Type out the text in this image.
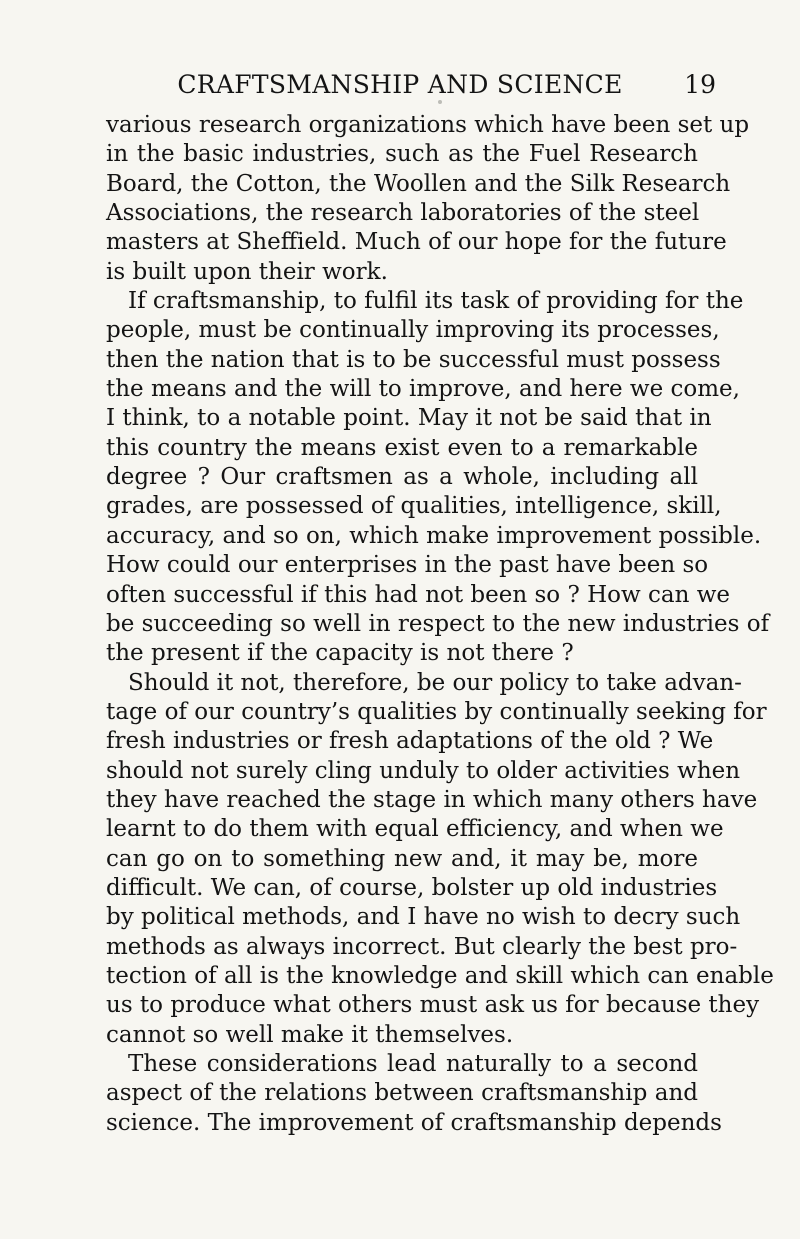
CRAFTSMANSHIP AND SCIENCE	19
various research organizations which have been set up
in the basic industries, such as the Fuel Research
Board, the Cotton, the Woollen and the Silk Research
Associations, the research laboratories of the steel
masters at Sheffield. Much of our hope for the future
is built upon their work.
If craftsmanship, to fulfil its task of providing for the
people, must be continually improving its processes,
then the nation that is to be successful must possess
the means and the will to improve, and here we come,
I think, to a notable point. May it not be said that in
this country the means exist even to a remarkable
degree ? Our craftsmen as a whole, including all
grades, are possessed of qualities, intelligence, skill,
accuracy, and so on, which make improvement possible.
How could our enterprises in the past have been so
often successful if this had not been so ? How can we
be succeeding so well in respect to the new industries of
the present if the capacity is not there ?
Should it not, therefore, be our policy to take advan-
tage of our country’s qualities by continually seeking for
fresh industries or fresh adaptations of the old ? We
should not surely cling unduly to older activities when
they have reached the stage in which many others have
learnt to do them with equal efficiency, and when we
can go on to something new and, it may be, more
difficult. We can, of course, bolster up old industries
by political methods, and I have no wish to decry such
methods as always incorrect. But clearly the best pro-
tection of all is the knowledge and skill which can enable
us to produce what others must ask us for because they
cannot so well make it themselves.
These considerations lead naturally to a second
aspect of the relations between craftsmanship and
science. The improvement of craftsmanship depends
